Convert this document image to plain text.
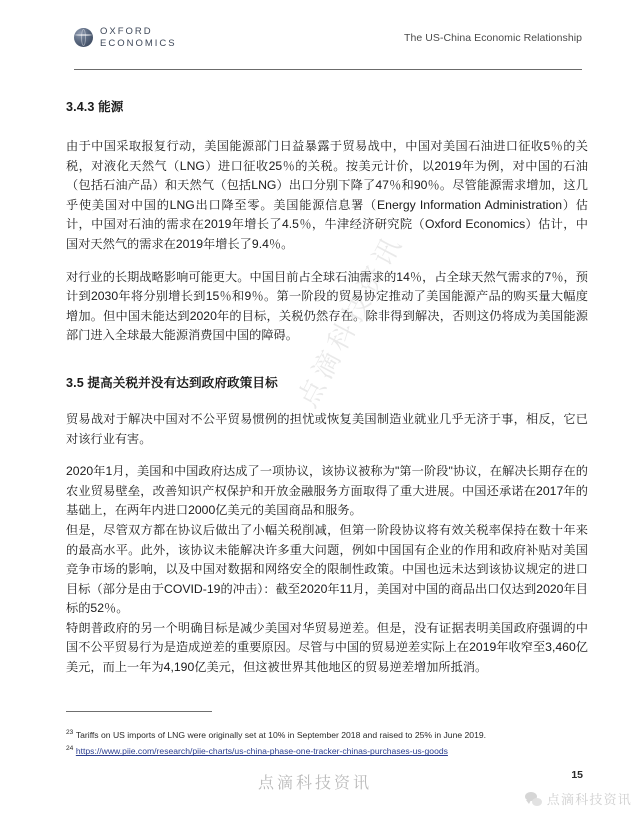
OXFORD
ECONOMICS	The US-China Economic Relationship
点滴科技资讯
3.4.3 能源

由于中国采取报复行动，美国能源部门日益暴露于贸易战中，中国对美国石油进口征收5％的关税，对液化天然气（LNG）进口征收25％的关税。按美元计价，以2019年为例，对中国的石油（包括石油产品）和天然气（包括LNG）出口分别下降了47％和90％。尽管能源需求增加，这几乎使美国对中国的LNG出口降至零。美国能源信息署（Energy Information Administration）估计，中国对石油的需求在2019年增长了4.5％，牛津经济研究院（Oxford Economics）估计，中国对天然气的需求在2019年增长了9.4％。

对行业的长期战略影响可能更大。中国目前占全球石油需求的14％，占全球天然气需求的7％，预计到2030年将分别增长到15％和9％。第一阶段的贸易协定推动了美国能源产品的购买量大幅度增加。但中国未能达到2020年的目标，关税仍然存在。除非得到解决，否则这仍将成为美国能源部门进入全球最大能源消费国中国的障碍。

3.5 提高关税并没有达到政府政策目标

贸易战对于解决中国对不公平贸易惯例的担忧或恢复美国制造业就业几乎无济于事，相反，它已对该行业有害。

2020年1月，美国和中国政府达成了一项协议，该协议被称为"第一阶段"协议，在解决长期存在的农业贸易壁垒，改善知识产权保护和开放金融服务方面取得了重大进展。中国还承诺在2017年的基础上，在两年内进口2000亿美元的美国商品和服务。

但是，尽管双方都在协议后做出了小幅关税削减，但第一阶段协议将有效关税率保持在数十年来的最高水平。此外，该协议未能解决许多重大问题，例如中国国有企业的作用和政府补贴对美国竞争市场的影响，以及中国对数据和网络安全的限制性政策。中国也远未达到该协议规定的进口目标（部分是由于COVID-19的冲击）：截至2020年11月，美国对中国的商品出口仅达到2020年目标的52％。

特朗普政府的另一个明确目标是减少美国对华贸易逆差。但是，没有证据表明美国政府强调的中国不公平贸易行为是造成逆差的重要原因。尽管与中国的贸易逆差实际上在2019年收窄至3,460亿美元，而上一年为4,190亿美元，但这被世界其他地区的贸易逆差增加所抵消。

$^{23}$ Tariffs on US imports of LNG were originally set at 10% in September 2018 and raised to 25% in June 2019.
$^{24}$ https://www.piie.com/research/piie-charts/us-china-phase-one-tracker-chinas-purchases-us-goods
点滴科技资讯	15
点滴科技资讯
